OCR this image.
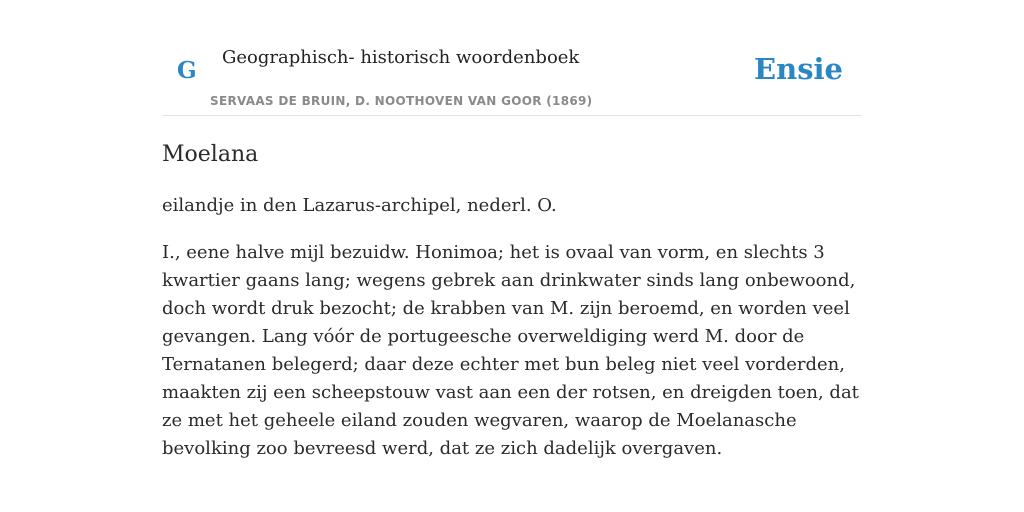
G Geographisch- historisch woordenboek
SERVAAS DE BRUIN, D. NOOTHOVEN VAN GOOR (1869)
Ensie
Moelana

eilandje in den Lazarus-archipel, nederl. O.

I., eene halve mijl bezuidw. Honimoa; het is ovaal van vorm, en slechts 3 kwartier gaans lang; wegens gebrek aan drinkwater sinds lang onbewoond, doch wordt druk bezocht; de krabben van M. zijn beroemd, en worden veel gevangen. Lang vóór de portugeesche overweldiging werd M. door de Ternatanen belegerd; daar deze echter met bun beleg niet veel vorderden, maakten zij een scheepstouw vast aan een der rotsen, en dreigden toen, dat ze met het geheele eiland zouden wegvaren, waarop de Moelanasche bevolking zoo bevreesd werd, dat ze zich dadelijk overgaven.
